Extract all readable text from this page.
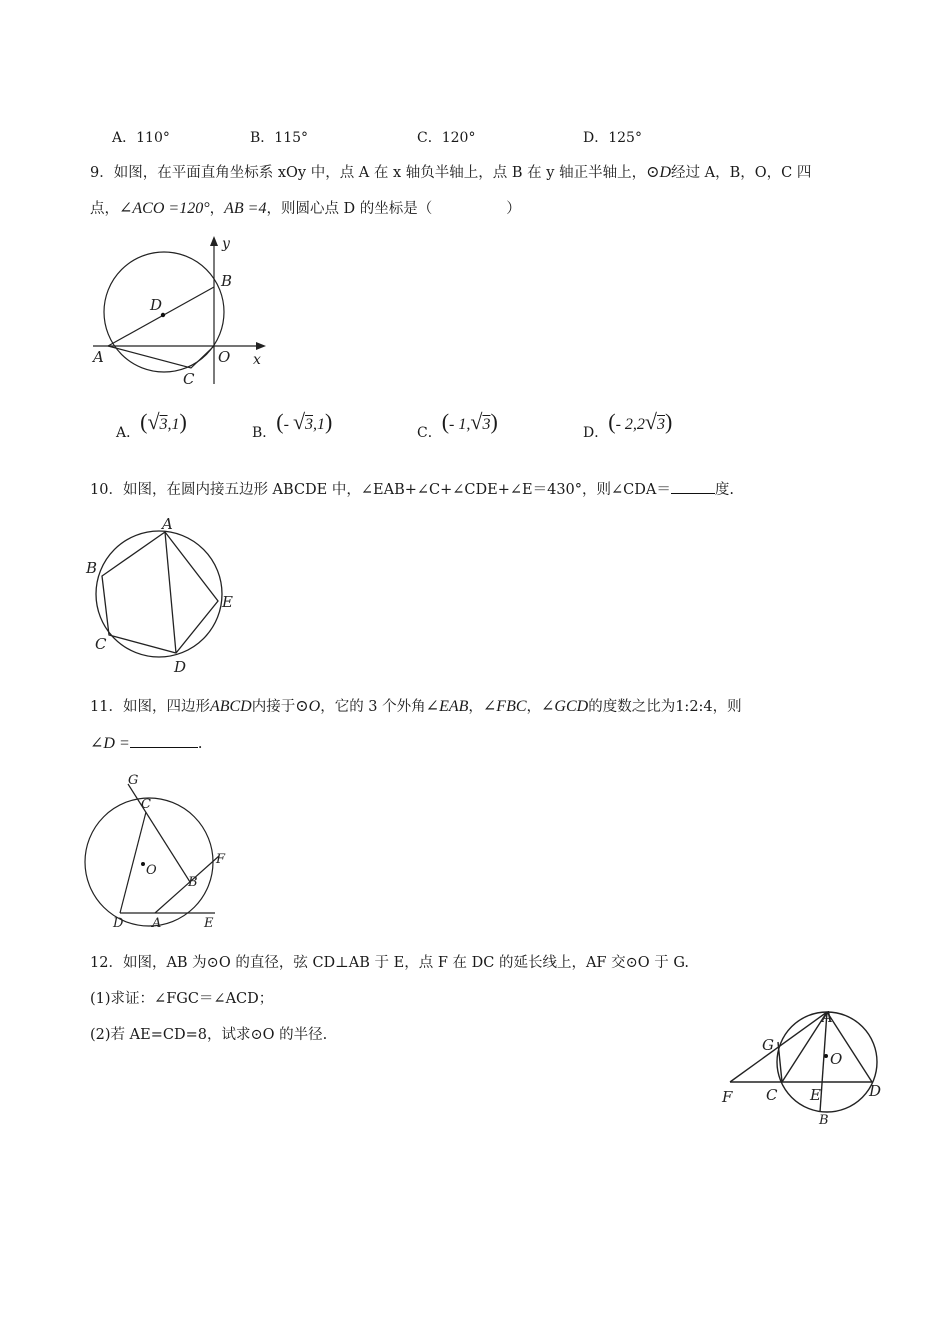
A．110°	B．115°	C．120°	D．125°
9．如图，在平面直角坐标系 xOy 中，点 A 在 x 轴负半轴上，点 B 在 y 轴正半轴上，⊙D经过 A，B，O，C 四
点，∠ACO =120°，AB =4，则圆心点 D 的坐标是（	）
y
B
D
A	O x
C
A．(√3,1)	B．(- √3,1)	C．(- 1,√3)	D．(- 2,2√3)
10．如图，在圆内接五边形 ABCDE 中，∠EAB+∠C+∠CDE+∠E＝430°，则∠CDA＝	度.
A
B
C
D
E
11．如图，四边形ABCD内接于⊙O，它的 3 个外角∠EAB，∠FBC，∠GCD的度数之比为1:2:4，则
∠D =	.
G
C
O
F
B
D A	E
12．如图，AB 为⊙O 的直径，弦 CD⊥AB 于 E，点 F 在 DC 的延长线上，AF 交⊙O 于 G.
(1)求证：∠FGC＝∠ACD；
(2)若 AE=CD=8，试求⊙O 的半径.
A
G
O
F C E	D
B
